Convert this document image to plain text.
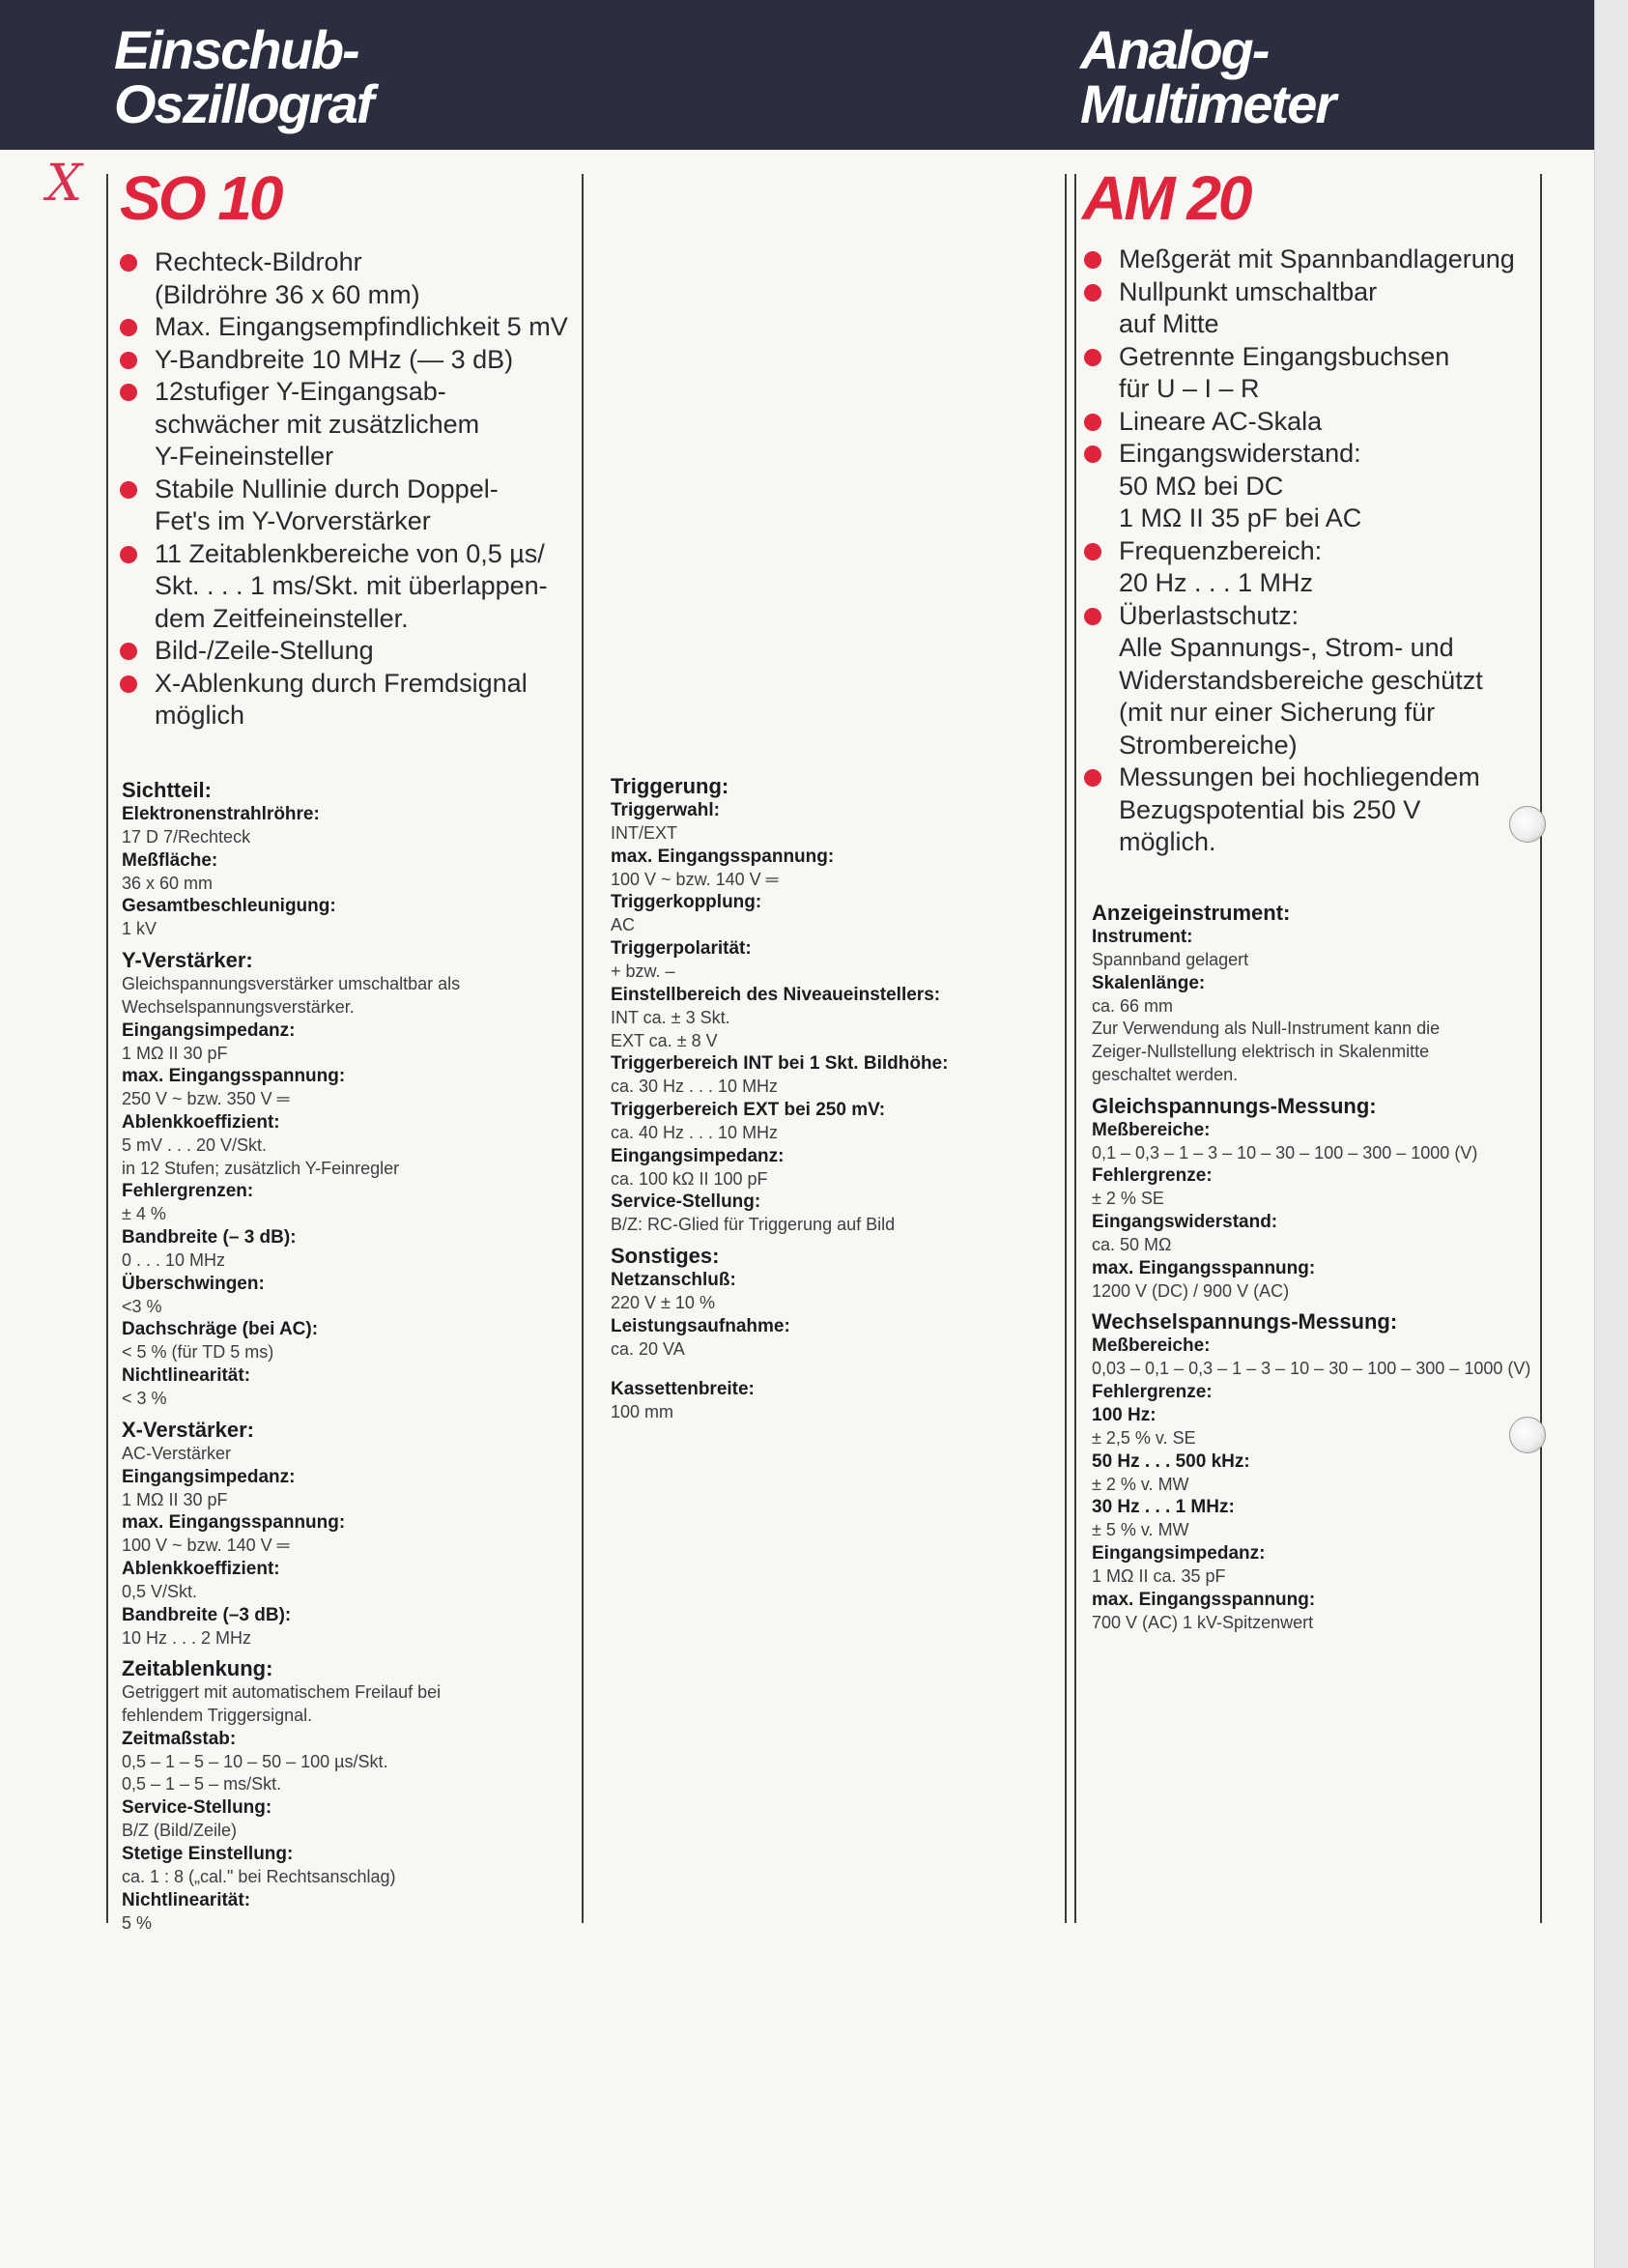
Einschub-
Oszillograf
Analog-
Multimeter
X SO 10
Rechteck-Bildrohr
(Bildröhre 36 x 60 mm)
Max. Eingangsempfindlichkeit 5 mV
Y-Bandbreite 10 MHz (— 3 dB)
12stufiger Y-Eingangsab-
schwächer mit zusätzlichem
Y-Feineinsteller
Stabile Nullinie durch Doppel-
Fet's im Y-Vorverstärker
11 Zeitablenkbereiche von 0,5 µs/
Skt. . . . 1 ms/Skt. mit überlappen-
dem Zeitfeineinsteller.
Bild-/Zeile-Stellung
X-Ablenkung durch Fremdsignal
möglich
AM 20
Meßgerät mit Spannbandlagerung
Nullpunkt umschaltbar
auf Mitte
Getrennte Eingangsbuchsen
für U – I – R
Lineare AC-Skala
Eingangswiderstand:
50 MΩ bei DC
1 MΩ II 35 pF bei AC
Frequenzbereich:
20 Hz . . . 1 MHz
Überlastschutz:
Alle Spannungs-, Strom- und
Widerstandsbereiche geschützt
(mit nur einer Sicherung für
Strombereiche)
Messungen bei hochliegendem
Bezugspotential bis 250 V
möglich.
Sichtteil:
Elektronenstrahlröhre:
17 D 7/Rechteck
Meßfläche:
36 x 60 mm
Gesamtbeschleunigung:
1 kV
Y-Verstärker:
Gleichspannungsverstärker umschaltbar als
Wechselspannungsverstärker.
Eingangsimpedanz:
1 MΩ II 30 pF
max. Eingangsspannung:
250 V ~ bzw. 350 V ═
Ablenkkoeffizient:
5 mV . . . 20 V/Skt.
in 12 Stufen; zusätzlich Y-Feinregler
Fehlergrenzen:
± 4 %
Bandbreite (– 3 dB):
0 . . . 10 MHz
Überschwingen:
<3 %
Dachschräge (bei AC):
< 5 % (für TD 5 ms)
Nichtlinearität:
< 3 %
X-Verstärker:
AC-Verstärker
Eingangsimpedanz:
1 MΩ II 30 pF
max. Eingangsspannung:
100 V ~ bzw. 140 V ═
Ablenkkoeffizient:
0,5 V/Skt.
Bandbreite (–3 dB):
10 Hz . . . 2 MHz
Zeitablenkung:
Getriggert mit automatischem Freilauf bei
fehlendem Triggersignal.
Zeitmaßstab:
0,5 – 1 – 5 – 10 – 50 – 100 µs/Skt.
0,5 – 1 – 5 – ms/Skt.
Service-Stellung:
B/Z (Bild/Zeile)
Stetige Einstellung:
ca. 1 : 8 („cal." bei Rechtsanschlag)
Nichtlinearität:
5 %
Triggerung:
Triggerwahl:
INT/EXT
max. Eingangsspannung:
100 V ~ bzw. 140 V ═
Triggerkopplung:
AC
Triggerpolarität:
+ bzw. –
Einstellbereich des Niveaueinstellers:
INT ca. ± 3 Skt.
EXT ca. ± 8 V
Triggerbereich INT bei 1 Skt. Bildhöhe:
ca. 30 Hz . . . 10 MHz
Triggerbereich EXT bei 250 mV:
ca. 40 Hz . . . 10 MHz
Eingangsimpedanz:
ca. 100 kΩ II 100 pF
Service-Stellung:
B/Z: RC-Glied für Triggerung auf Bild
Sonstiges:
Netzanschluß:
220 V ± 10 %
Leistungsaufnahme:
ca. 20 VA
Kassettenbreite:
100 mm
Anzeigeinstrument:
Instrument:
Spannband gelagert
Skalenlänge:
ca. 66 mm
Zur Verwendung als Null-Instrument kann die
Zeiger-Nullstellung elektrisch in Skalenmitte
geschaltet werden.
Gleichspannungs-Messung:
Meßbereiche:
0,1 – 0,3 – 1 – 3 – 10 – 30 – 100 – 300 – 1000 (V)
Fehlergrenze:
± 2 % SE
Eingangswiderstand:
ca. 50 MΩ
max. Eingangsspannung:
1200 V (DC) / 900 V (AC)
Wechselspannungs-Messung:
Meßbereiche:
0,03 – 0,1 – 0,3 – 1 – 3 – 10 – 30 – 100 – 300 – 1000 (V)
Fehlergrenze:
100 Hz:
± 2,5 % v. SE
50 Hz . . . 500 kHz:
± 2 % v. MW
30 Hz . . . 1 MHz:
± 5 % v. MW
Eingangsimpedanz:
1 MΩ II ca. 35 pF
max. Eingangsspannung:
700 V (AC) 1 kV-Spitzenwert
